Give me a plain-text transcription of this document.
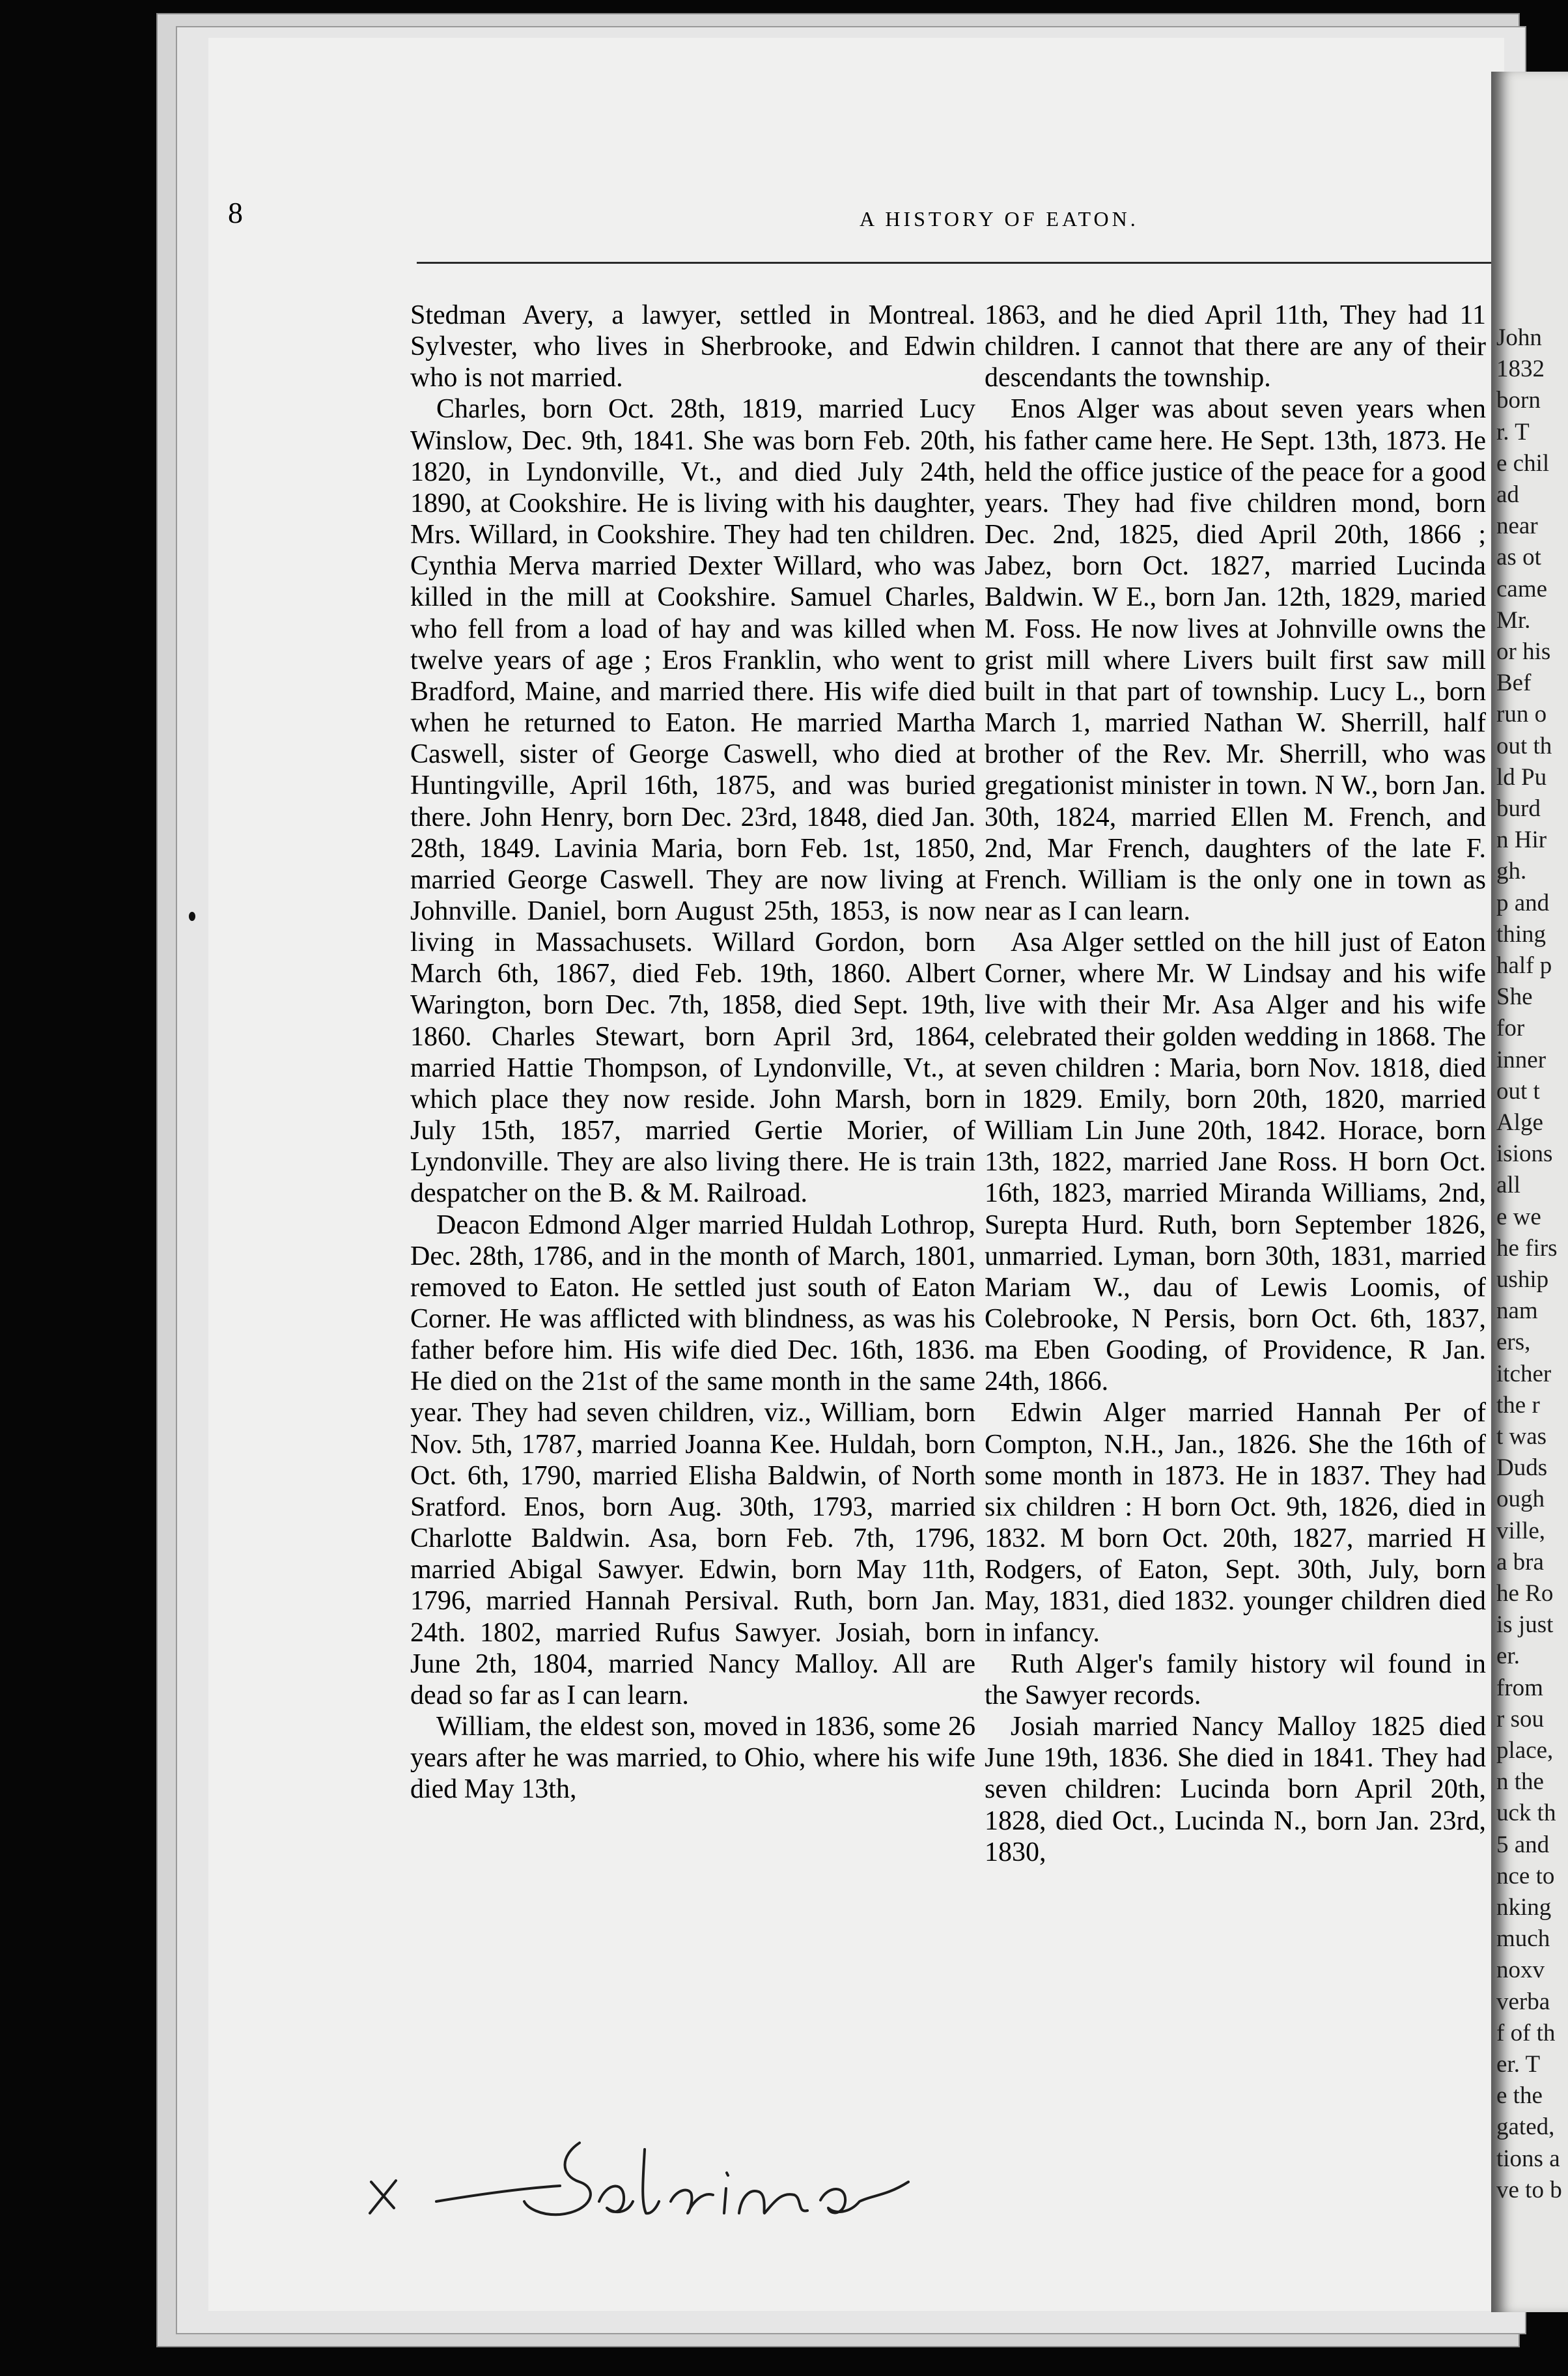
8	A HISTORY OF EATON.

Stedman Avery, a lawyer, settled in Montreal. Sylvester, who lives in Sherbrooke, and Edwin who is not married.

Charles, born Oct. 28th, 1819, married Lucy Winslow, Dec. 9th, 1841. She was born Feb. 20th, 1820, in Lyndonville, Vt., and died July 24th, 1890, at Cookshire. He is living with his daughter, Mrs. Willard, in Cookshire. They had ten children. Cynthia Merva married Dexter Willard, who was killed in the mill at Cookshire. Samuel Charles, who fell from a load of hay and was killed when twelve years of age ; Eros Franklin, who went to Bradford, Maine, and married there. His wife died when he returned to Eaton. He married Martha Caswell, sister of George Caswell, who died at Huntingville, April 16th, 1875, and was buried there. John Henry, born Dec. 23rd, 1848, died Jan. 28th, 1849. Lavinia Maria, born Feb. 1st, 1850, married George Caswell. They are now living at Johnville. Daniel, born August 25th, 1853, is now living in Massachusets. Willard Gordon, born March 6th, 1867, died Feb. 19th, 1860. Albert Warington, born Dec. 7th, 1858, died Sept. 19th, 1860. Charles Stewart, born April 3rd, 1864, married Hattie Thompson, of Lyndonville, Vt., at which place they now reside. John Marsh, born July 15th, 1857, married Gertie Morier, of Lyndonville. They are also living there. He is train despatcher on the B. & M. Railroad.

Deacon Edmond Alger married Huldah Lothrop, Dec. 28th, 1786, and in the month of March, 1801, removed to Eaton. He settled just south of Eaton Corner. He was afflicted with blindness, as was his father before him. His wife died Dec. 16th, 1836. He died on the 21st of the same month in the same year. They had seven children, viz., William, born Nov. 5th, 1787, married Joanna Kee. Huldah, born Oct. 6th, 1790, married Elisha Baldwin, of North Sratford. Enos, born Aug. 30th, 1793, married Charlotte Baldwin. Asa, born Feb. 7th, 1796, married Abigal Sawyer. Edwin, born May 11th, 1796, married Hannah Persival. Ruth, born Jan. 24th. 1802, married Rufus Sawyer. Josiah, born June 2th, 1804, married Nancy Malloy. All are dead so far as I can learn.

William, the eldest son, moved in 1836, some 26 years after he was married, to Ohio, where his wife died May 13th,

1863, and he died April 11th, They had 11 children. I cannot that there are any of their descendants the township.

Enos Alger was about seven years when his father came here. He Sept. 13th, 1873. He held the office justice of the peace for a good years. They had five children mond, born Dec. 2nd, 1825, died April 20th, 1866 ; Jabez, born Oct. 1827, married Lucinda Baldwin. W E., born Jan. 12th, 1829, maried M. Foss. He now lives at Johnville owns the grist mill where Livers built first saw mill built in that part of township. Lucy L., born March 1, married Nathan W. Sherrill, half brother of the Rev. Mr. Sherrill, who was gregationist minister in town. N W., born Jan. 30th, 1824, married Ellen M. French, and 2nd, Mar French, daughters of the late F. French. William is the only one in town as near as I can learn.

Asa Alger settled on the hill just of Eaton Corner, where Mr. W Lindsay and his wife live with their Mr. Asa Alger and his wife celebrated their golden wedding in 1868. The seven children : Maria, born Nov. 1818, died in 1829. Emily, born 20th, 1820, married William Lin June 20th, 1842. Horace, born 13th, 1822, married Jane Ross. H born Oct. 16th, 1823, married Miranda Williams, 2nd, Surepta Hurd. Ruth, born September 1826, unmarried. Lyman, born 30th, 1831, married Mariam W., dau of Lewis Loomis, of Colebrooke, N Persis, born Oct. 6th, 1837, ma Eben Gooding, of Providence, R Jan. 24th, 1866.

Edwin Alger married Hannah Per of Compton, N.H., Jan., 1826. She the 16th of some month in 1873. He in 1837. They had six children : H born Oct. 9th, 1826, died in 1832. M born Oct. 20th, 1827, married H Rodgers, of Eaton, Sept. 30th, July, born May, 1831, died 1832. younger children died in infancy.

Ruth Alger's family history wil found in the Sawyer records.

Josiah married Nancy Malloy 1825 died June 19th, 1836. She died in 1841. They had seven children: Lucinda born April 20th, 1828, died Oct., Lucinda N., born Jan. 23rd, 1830,

John
1832
born
r. T
e chil
ad
near
as ot
came
Mr.
or his
Bef
run o
out th
ld Pu
burd
n Hir
gh.
p and
thing
half p
She
for
inner
out t
Alge
isions
all
e we
he firs
uship
nam
ers,
itcher
the r
t was
Duds
ough
ville,
a bra
he Ro
is just
er.
from
r sou
place,
n the
uck th
5 and
nce to
nking
much
noxv
verba
f of th
er. T
e the
gated,
tions a
ve to b
